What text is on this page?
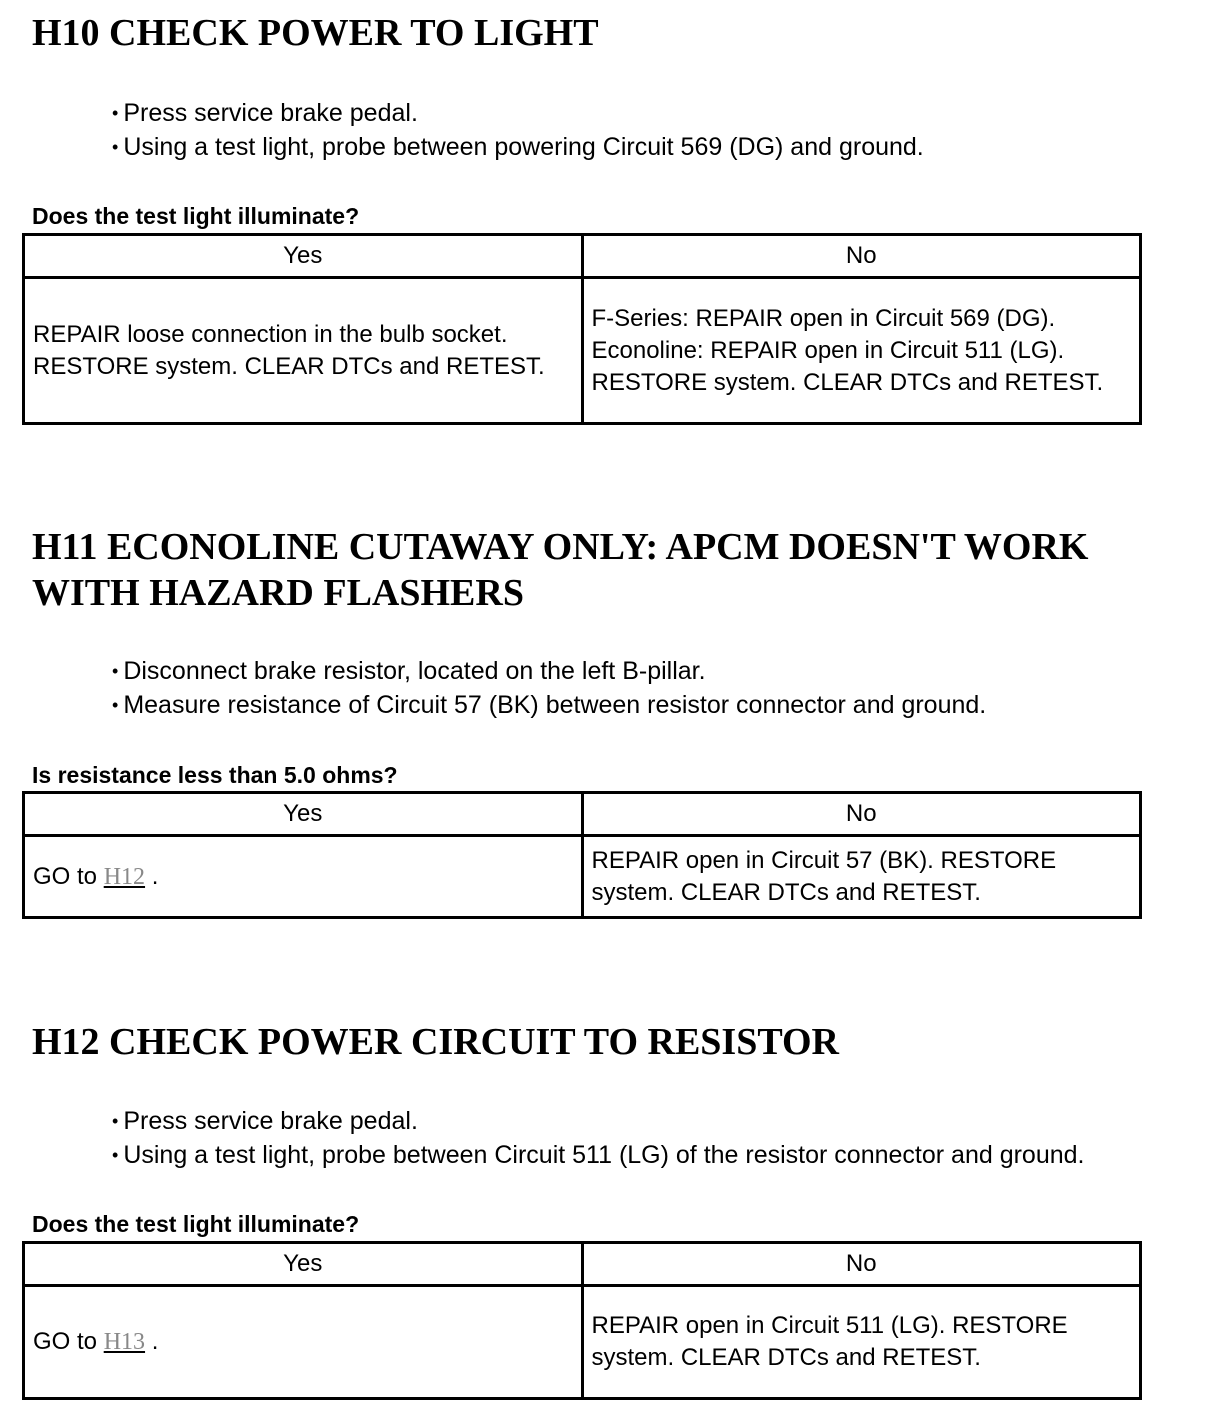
H10 CHECK POWER TO LIGHT
• Press service brake pedal.
• Using a test light, probe between powering Circuit 569 (DG) and ground.
Does the test light illuminate?
Yes	No
REPAIR loose connection in the bulb socket. RESTORE system. CLEAR DTCs and RETEST.	F-Series: REPAIR open in Circuit 569 (DG). Econoline: REPAIR open in Circuit 511 (LG). RESTORE system. CLEAR DTCs and RETEST.
H11 ECONOLINE CUTAWAY ONLY: APCM DOESN'T WORK WITH HAZARD FLASHERS
• Disconnect brake resistor, located on the left B-pillar.
• Measure resistance of Circuit 57 (BK) between resistor connector and ground.
Is resistance less than 5.0 ohms?
Yes	No
GO to H12 .	REPAIR open in Circuit 57 (BK). RESTORE system. CLEAR DTCs and RETEST.
H12 CHECK POWER CIRCUIT TO RESISTOR
• Press service brake pedal.
• Using a test light, probe between Circuit 511 (LG) of the resistor connector and ground.
Does the test light illuminate?
Yes	No
GO to H13 .	REPAIR open in Circuit 511 (LG). RESTORE system. CLEAR DTCs and RETEST.
